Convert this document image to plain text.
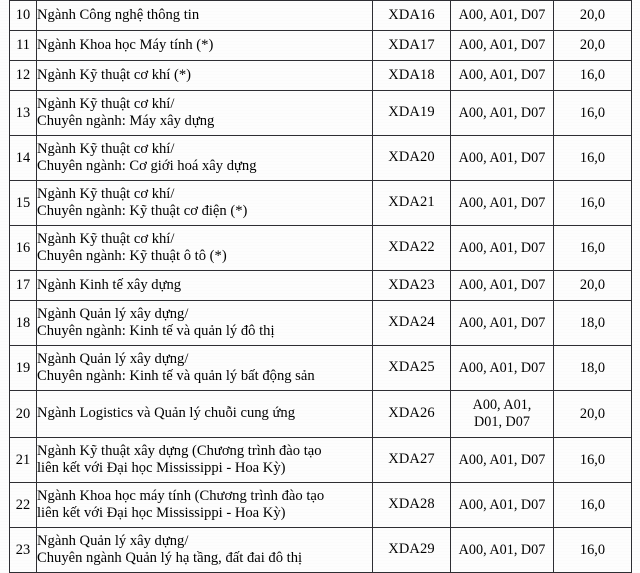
10	Ngành Công nghệ thông tin	XDA16	A00, A01, D07	20,0
11	Ngành Khoa học Máy tính (*)	XDA17	A00, A01, D07	20,0
12	Ngành Kỹ thuật cơ khí (*)	XDA18	A00, A01, D07	16,0
13	Ngành Kỹ thuật cơ khí/
Chuyên ngành: Máy xây dựng	XDA19	A00, A01, D07	16,0
14	Ngành Kỹ thuật cơ khí/
Chuyên ngành: Cơ giới hoá xây dựng	XDA20	A00, A01, D07	16,0
15	Ngành Kỹ thuật cơ khí/
Chuyên ngành: Kỹ thuật cơ điện (*)	XDA21	A00, A01, D07	16,0
16	Ngành Kỹ thuật cơ khí/
Chuyên ngành: Kỹ thuật ô tô (*)	XDA22	A00, A01, D07	16,0
17	Ngành Kinh tế xây dựng	XDA23	A00, A01, D07	20,0
18	Ngành Quản lý xây dựng/
Chuyên ngành: Kinh tế và quản lý đô thị	XDA24	A00, A01, D07	18,0
19	Ngành Quản lý xây dựng/
Chuyên ngành: Kinh tế và quản lý bất động sản	XDA25	A00, A01, D07	18,0
20	Ngành Logistics và Quản lý chuỗi cung ứng	XDA26	A00, A01,
D01, D07	20,0
21	Ngành Kỹ thuật xây dựng (Chương trình đào tạo
liên kết với Đại học Mississippi - Hoa Kỳ)	XDA27	A00, A01, D07	16,0
22	Ngành Khoa học máy tính (Chương trình đào tạo
liên kết với Đại học Mississippi - Hoa Kỳ)	XDA28	A00, A01, D07	16,0
23	Ngành Quản lý xây dựng/
Chuyên ngành Quản lý hạ tầng, đất đai đô thị	XDA29	A00, A01, D07	16,0
